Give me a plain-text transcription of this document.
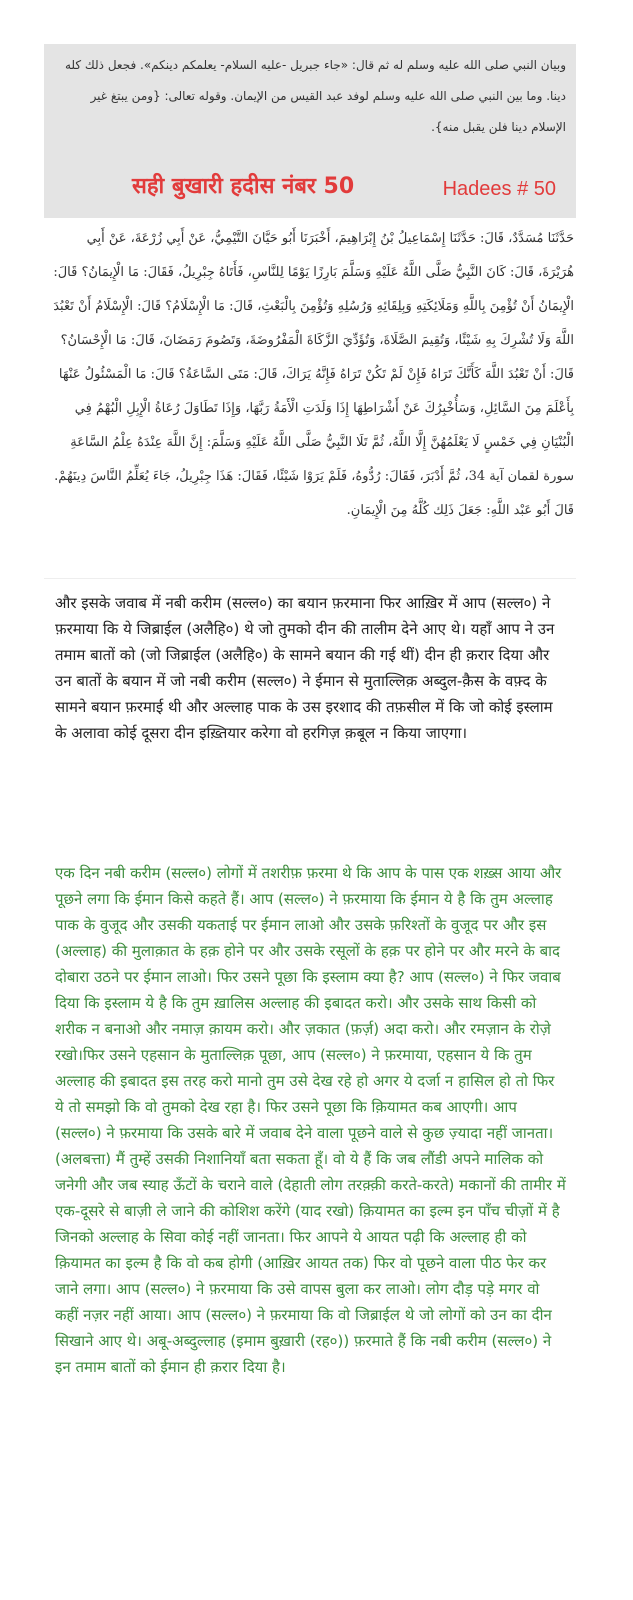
وبيان النبي صلى الله عليه وسلم له ثم قال: «جاء جبريل -عليه السلام- يعلمكم دينكم». فجعل ذلك كله دينا. وما بين النبي صلى الله عليه وسلم لوفد عبد القيس من الإيمان. وقوله تعالى: {ومن يبتغ غير الإسلام دينا فلن يقبل منه}.

सही बुखारी हदीस नंबर 50	Hadees # 50

حَدَّثَنَا مُسَدَّدٌ، قَالَ: حَدَّثَنَا إِسْمَاعِيلُ بْنُ إِبْرَاهِيمَ، أَخْبَرَنَا أَبُو حَيَّانَ التَّيْمِيُّ، عَنْ أَبِي زُرْعَةَ، عَنْ أَبِي هُرَيْرَةَ، قَالَ: كَانَ النَّبِيُّ صَلَّى اللَّهُ عَلَيْهِ وَسَلَّمَ بَارِزًا يَوْمًا لِلنَّاسِ، فَأَتَاهُ جِبْرِيلُ، فَقَالَ: مَا الْإِيمَانُ؟ قَالَ: الْإِيمَانُ أَنْ تُؤْمِنَ بِاللَّهِ وَمَلَائِكَتِهِ وَبِلِقَائِهِ وَرُسُلِهِ وَتُؤْمِنَ بِالْبَعْثِ، قَالَ: مَا الْإِسْلَامُ؟ قَالَ: الْإِسْلَامُ أَنْ تَعْبُدَ اللَّهَ وَلَا تُشْرِكَ بِهِ شَيْئًا، وَتُقِيمَ الصَّلَاةَ، وَتُؤَدِّيَ الزَّكَاةَ الْمَفْرُوضَةَ، وَتَصُومَ رَمَضَانَ، قَالَ: مَا الْإِحْسَانُ؟ قَالَ: أَنْ تَعْبُدَ اللَّهَ كَأَنَّكَ تَرَاهُ فَإِنْ لَمْ تَكُنْ تَرَاهُ فَإِنَّهُ يَرَاكَ، قَالَ: مَتَى السَّاعَةُ؟ قَالَ: مَا الْمَسْئُولُ عَنْهَا بِأَعْلَمَ مِنَ السَّائِلِ، وَسَأُخْبِرُكَ عَنْ أَشْرَاطِهَا إِذَا وَلَدَتِ الْأَمَةُ رَبَّهَا، وَإِذَا تَطَاوَلَ رُعَاةُ الْإِبِلِ الْبُهْمُ فِي الْبُنْيَانِ فِي خَمْسٍ لَا يَعْلَمُهُنَّ إِلَّا اللَّهُ، ثُمَّ تَلَا النَّبِيُّ صَلَّى اللَّهُ عَلَيْهِ وَسَلَّمَ: إِنَّ اللَّهَ عِنْدَهُ عِلْمُ السَّاعَةِ سورة لقمان آية 34، ثُمَّ أَدْبَرَ، فَقَالَ: رُدُّوهُ، فَلَمْ يَرَوْا شَيْئًا، فَقَالَ: هَذَا جِبْرِيلُ، جَاءَ يُعَلِّمُ النَّاسَ دِينَهُمْ. قَالَ أَبُو عَبْد اللَّهِ: جَعَلَ ذَلِك كُلَّهُ مِنَ الْإِيمَانِ.

और इसके जवाब में नबी करीम (सल्ल०) का बयान फ़रमाना फिर आख़िर में आप (सल्ल०) ने फ़रमाया कि ये जिब्राईल (अलैहि०) थे जो तुमको दीन की तालीम देने आए थे। यहाँ आप ने उन तमाम बातों को (जो जिब्राईल (अलैहि०) के सामने बयान की गई थीं) दीन ही क़रार दिया और उन बातों के बयान में जो नबी करीम (सल्ल०) ने ईमान से मुताल्लिक़ अब्दुल-क़ैस के वफ़्द के सामने बयान फ़रमाई थी और अल्लाह पाक के उस इरशाद की तफ़सील में कि जो कोई इस्लाम के अलावा कोई दूसरा दीन इख़्तियार करेगा वो हरगिज़ क़बूल न किया जाएगा।

एक दिन नबी करीम (सल्ल०) लोगों में तशरीफ़ फ़रमा थे कि आप के पास एक शख़्स आया और पूछने लगा कि ईमान किसे कहते हैं। आप (सल्ल०) ने फ़रमाया कि ईमान ये है कि तुम अल्लाह पाक के वुजूद और उसकी यकताई पर ईमान लाओ और उसके फ़रिश्तों के वुजूद पर और इस (अल्लाह) की मुलाक़ात के हक़ होने पर और उसके रसूलों के हक़ पर होने पर और मरने के बाद दोबारा उठने पर ईमान लाओ। फिर उसने पूछा कि इस्लाम क्या है? आप (सल्ल०) ने फिर जवाब दिया कि इस्लाम ये है कि तुम ख़ालिस अल्लाह की इबादत करो। और उसके साथ किसी को शरीक न बनाओ और नमाज़ क़ायम करो। और ज़कात (फ़र्ज़) अदा करो। और रमज़ान के रोज़े रखो।फिर उसने एहसान के मुताल्लिक़ पूछा, आप (सल्ल०) ने फ़रमाया, एहसान ये कि तुम अल्लाह की इबादत इस तरह करो मानो तुम उसे देख रहे हो अगर ये दर्जा न हासिल हो तो फिर ये तो समझो कि वो तुमको देख रहा है। फिर उसने पूछा कि क़ियामत कब आएगी। आप (सल्ल०) ने फ़रमाया कि उसके बारे में जवाब देने वाला पूछने वाले से कुछ ज़्यादा नहीं जानता। (अलबत्ता) मैं तुम्हें उसकी निशानियाँ बता सकता हूँ। वो ये हैं कि जब लौंडी अपने मालिक को जनेगी और जब स्याह ऊँटों के चराने वाले (देहाती लोग तरक़्क़ी करते-करते) मकानों की तामीर में एक-दूसरे से बाज़ी ले जाने की कोशिश करेंगे (याद रखो) क़ियामत का इल्म इन पाँच चीज़ों में है जिनको अल्लाह के सिवा कोई नहीं जानता। फिर आपने ये आयत पढ़ी कि अल्लाह ही को क़ियामत का इल्म है कि वो कब होगी (आख़िर आयत तक) फिर वो पूछने वाला पीठ फेर कर जाने लगा। आप (सल्ल०) ने फ़रमाया कि उसे वापस बुला कर लाओ। लोग दौड़ पड़े मगर वो कहीं नज़र नहीं आया। आप (सल्ल०) ने फ़रमाया कि वो जिब्राईल थे जो लोगों को उन का दीन सिखाने आए थे। अबू-अब्दुल्लाह (इमाम बुख़ारी (रह०)) फ़रमाते हैं कि नबी करीम (सल्ल०) ने इन तमाम बातों को ईमान ही क़रार दिया है।
